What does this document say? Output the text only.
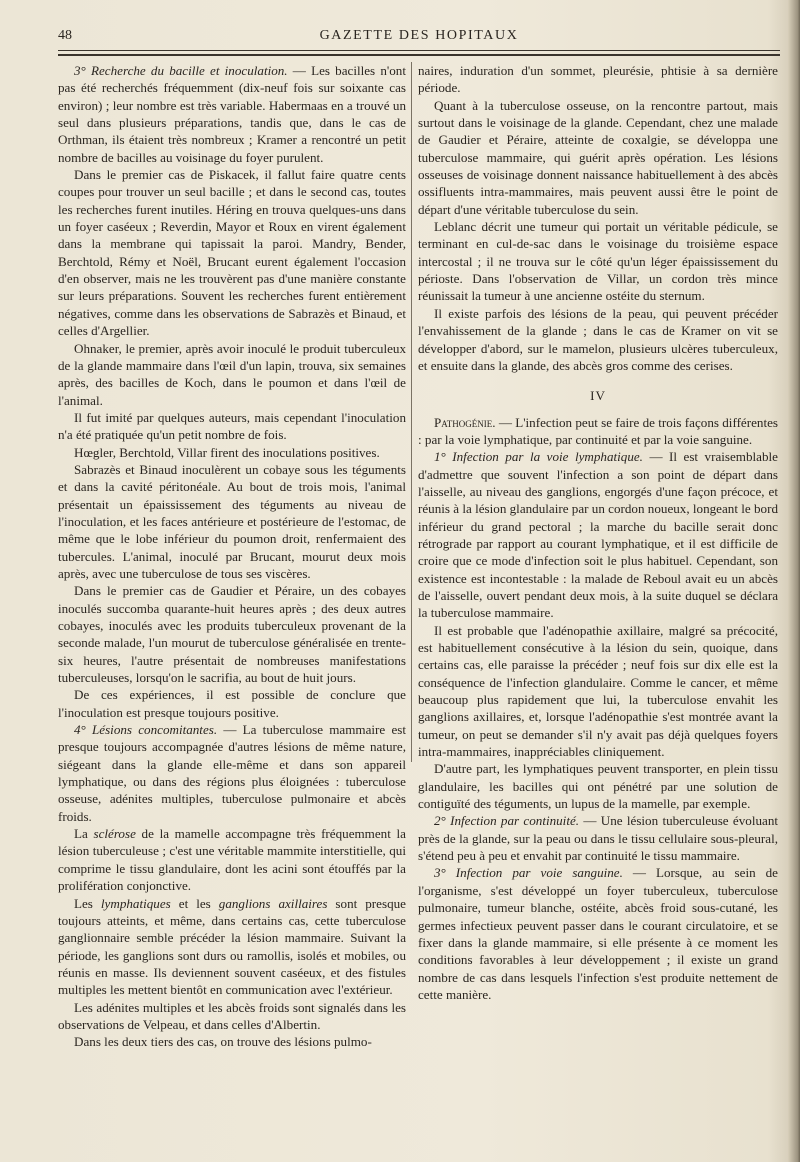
48	GAZETTE DES HOPITAUX

3° Recherche du bacille et inoculation. — Les bacilles n'ont pas été recherchés fréquemment (dix-neuf fois sur soixante cas environ) ; leur nombre est très variable. Habermaas en a trouvé un seul dans plusieurs préparations, tandis que, dans le cas de Orthman, ils étaient très nombreux ; Kramer a rencontré un petit nombre de bacilles au voisinage du foyer purulent.

Dans le premier cas de Piskacek, il fallut faire quatre cents coupes pour trouver un seul bacille ; et dans le second cas, toutes les recherches furent inutiles. Héring en trouva quelques-uns dans un foyer caséeux ; Reverdin, Mayor et Roux en virent également dans la membrane qui tapissait la paroi. Mandry, Bender, Berchtold, Rémy et Noël, Brucant eurent également l'occasion d'en observer, mais ne les trouvèrent pas d'une manière constante sur leurs préparations. Souvent les recherches furent entièrement négatives, comme dans les observations de Sabrazès et Binaud, et celles d'Argellier.

Ohnaker, le premier, après avoir inoculé le produit tuberculeux de la glande mammaire dans l'œil d'un lapin, trouva, six semaines après, des bacilles de Koch, dans le poumon et dans l'œil de l'animal.

Il fut imité par quelques auteurs, mais cependant l'inoculation n'a été pratiquée qu'un petit nombre de fois.

Hœgler, Berchtold, Villar firent des inoculations positives.

Sabrazès et Binaud inoculèrent un cobaye sous les téguments et dans la cavité péritonéale. Au bout de trois mois, l'animal présentait un épaississement des téguments au niveau de l'inoculation, et les faces antérieure et postérieure de l'estomac, de même que le lobe inférieur du poumon droit, renfermaient des tubercules. L'animal, inoculé par Brucant, mourut deux mois après, avec une tuberculose de tous ses viscères.

Dans le premier cas de Gaudier et Péraire, un des cobayes inoculés succomba quarante-huit heures après ; des deux autres cobayes, inoculés avec les produits tuberculeux provenant de la seconde malade, l'un mourut de tuberculose généralisée en trente-six heures, l'autre présentait de nombreuses manifestations tuberculeuses, lorsqu'on le sacrifia, au bout de huit jours.

De ces expériences, il est possible de conclure que l'inoculation est presque toujours positive.

4° Lésions concomitantes. — La tuberculose mammaire est presque toujours accompagnée d'autres lésions de même nature, siégeant dans la glande elle-même et dans son appareil lymphatique, ou dans des régions plus éloignées : tuberculose osseuse, adénites multiples, tuberculose pulmonaire et abcès froids.

La sclérose de la mamelle accompagne très fréquemment la lésion tuberculeuse ; c'est une véritable mammite interstitielle, qui comprime le tissu glandulaire, dont les acini sont étouffés par la prolifération conjonctive.

Les lymphatiques et les ganglions axillaires sont presque toujours atteints, et même, dans certains cas, cette tuberculose ganglionnaire semble précéder la lésion mammaire. Suivant la période, les ganglions sont durs ou ramollis, isolés et mobiles, ou réunis en masse. Ils deviennent souvent caséeux, et des fistules multiples les mettent bientôt en communication avec l'extérieur.

Les adénites multiples et les abcès froids sont signalés dans les observations de Velpeau, et dans celles d'Albertin.

Dans les deux tiers des cas, on trouve des lésions pulmo-

naires, induration d'un sommet, pleurésie, phtisie à sa dernière période.

Quant à la tuberculose osseuse, on la rencontre partout, mais surtout dans le voisinage de la glande. Cependant, chez une malade de Gaudier et Péraire, atteinte de coxalgie, se développa une tuberculose mammaire, qui guérit après opération. Les lésions osseuses de voisinage donnent naissance habituellement à des abcès ossifluents intra-mammaires, mais peuvent aussi être le point de départ d'une véritable tuberculose du sein.

Leblanc décrit une tumeur qui portait un véritable pédicule, se terminant en cul-de-sac dans le voisinage du troisième espace intercostal ; il ne trouva sur le côté qu'un léger épaississement du périoste. Dans l'observation de Villar, un cordon très mince réunissait la tumeur à une ancienne ostéite du sternum.

Il existe parfois des lésions de la peau, qui peuvent précéder l'envahissement de la glande ; dans le cas de Kramer on vit se développer d'abord, sur le mamelon, plusieurs ulcères tuberculeux, et ensuite dans la glande, des abcès gros comme des cerises.

IV

Pathogénie. — L'infection peut se faire de trois façons différentes : par la voie lymphatique, par continuité et par la voie sanguine.

1° Infection par la voie lymphatique. — Il est vraisemblable d'admettre que souvent l'infection a son point de départ dans l'aisselle, au niveau des ganglions, engorgés d'une façon précoce, et réunis à la lésion glandulaire par un cordon noueux, longeant le bord inférieur du grand pectoral ; la marche du bacille serait donc rétrograde par rapport au courant lymphatique, et il est difficile de croire que ce mode d'infection soit le plus habituel. Cependant, son existence est incontestable : la malade de Reboul avait eu un abcès de l'aisselle, ouvert pendant deux mois, à la suite duquel se déclara la tuberculose mammaire.

Il est probable que l'adénopathie axillaire, malgré sa précocité, est habituellement consécutive à la lésion du sein, quoique, dans certains cas, elle paraisse la précéder ; neuf fois sur dix elle est la conséquence de l'infection glandulaire. Comme le cancer, et même beaucoup plus rapidement que lui, la tuberculose envahit les ganglions axillaires, et, lorsque l'adénopathie s'est montrée avant la tumeur, on peut se demander s'il n'y avait pas déjà quelques foyers intra-mammaires, inappréciables cliniquement.

D'autre part, les lymphatiques peuvent transporter, en plein tissu glandulaire, les bacilles qui ont pénétré par une solution de contiguïté des téguments, un lupus de la mamelle, par exemple.

2° Infection par continuité. — Une lésion tuberculeuse évoluant près de la glande, sur la peau ou dans le tissu cellulaire sous-pleural, s'étend peu à peu et envahit par continuité le tissu mammaire.

3° Infection par voie sanguine. — Lorsque, au sein de l'organisme, s'est développé un foyer tuberculeux, tuberculose pulmonaire, tumeur blanche, ostéite, abcès froid sous-cutané, les germes infectieux peuvent passer dans le courant circulatoire, et se fixer dans la glande mammaire, si elle présente à ce moment les conditions favorables à leur développement ; il existe un grand nombre de cas dans lesquels l'infection s'est produite nettement de cette manière.
